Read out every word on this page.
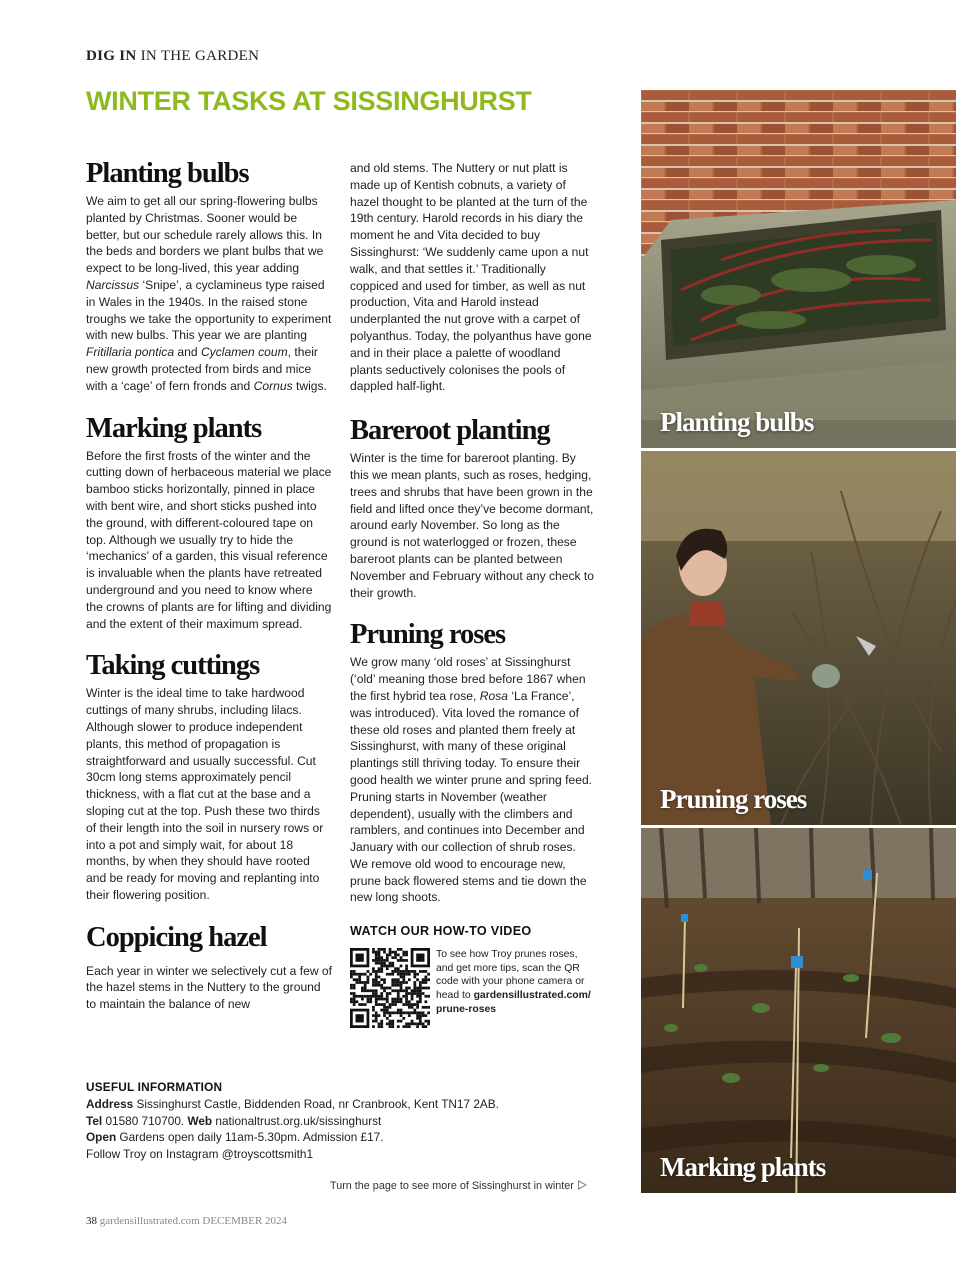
DIG IN IN THE GARDEN
WINTER TASKS AT SISSINGHURST
Planting bulbs

We aim to get all our spring-flowering bulbs planted by Christmas. Sooner would be better, but our schedule rarely allows this. In the beds and borders we plant bulbs that we expect to be long-lived, this year adding Narcissus ‘Snipe’, a cyclamineus type raised in Wales in the 1940s. In the raised stone troughs we take the opportunity to experiment with new bulbs. This year we are planting Fritillaria pontica and Cyclamen coum, their new growth protected from birds and mice with a ‘cage’ of fern fronds and Cornus twigs.

Marking plants

Before the first frosts of the winter and the cutting down of herbaceous material we place bamboo sticks horizontally, pinned in place with bent wire, and short sticks pushed into the ground, with different-coloured tape on top. Although we usually try to hide the ‘mechanics’ of a garden, this visual reference is invaluable when the plants have retreated underground and you need to know where the crowns of plants are for lifting and dividing and the extent of their maximum spread.

Taking cuttings

Winter is the ideal time to take hardwood cuttings of many shrubs, including lilacs. Although slower to produce independent plants, this method of propagation is straightforward and usually successful. Cut 30cm long stems approximately pencil thickness, with a flat cut at the base and a sloping cut at the top. Push these two thirds of their length into the soil in nursery rows or into a pot and simply wait, for about 18 months, by when they should have rooted and be ready for moving and replanting into their flowering position.

Coppicing hazel

Each year in winter we selectively cut a few of the hazel stems in the Nuttery to the ground to maintain the balance of new

and old stems. The Nuttery or nut platt is made up of Kentish cobnuts, a variety of hazel thought to be planted at the turn of the 19th century. Harold records in his diary the moment he and Vita decided to buy Sissinghurst: ‘We suddenly came upon a nut walk, and that settles it.’ Traditionally coppiced and used for timber, as well as nut production, Vita and Harold instead underplanted the nut grove with a carpet of polyanthus. Today, the polyanthus have gone and in their place a palette of woodland plants seductively colonises the pools of dappled half-light.

Bareroot planting

Winter is the time for bareroot planting. By this we mean plants, such as roses, hedging, trees and shrubs that have been grown in the field and lifted once they’ve become dormant, around early November. So long as the ground is not waterlogged or frozen, these bareroot plants can be planted between November and February without any check to their growth.

Pruning roses

We grow many ‘old roses’ at Sissinghurst (‘old’ meaning those bred before 1867 when the first hybrid tea rose, Rosa ‘La France’, was introduced). Vita loved the romance of these old roses and planted them freely at Sissinghurst, with many of these original plantings still thriving today. To ensure their good health we winter prune and spring feed. Pruning starts in November (weather dependent), usually with the climbers and ramblers, and continues into December and January with our collection of shrub roses. We remove old wood to encourage new, prune back flowered stems and tie down the new long shoots.

WATCH OUR HOW-TO VIDEO
To see how Troy prunes roses, and get more tips, scan the QR code with your phone camera or head to gardensillustrated.com/ prune-roses
USEFUL INFORMATION
Address Sissinghurst Castle, Biddenden Road, nr Cranbrook, Kent TN17 2AB.
Tel 01580 710700. Web nationaltrust.org.uk/sissinghurst
Open Gardens open daily 11am-5.30pm. Admission £17.
Follow Troy on Instagram @troyscottsmith1
Turn the page to see more of Sissinghurst in winter
38 gardensillustrated.com DECEMBER 2024
Planting bulbs
Pruning roses
Marking plants
